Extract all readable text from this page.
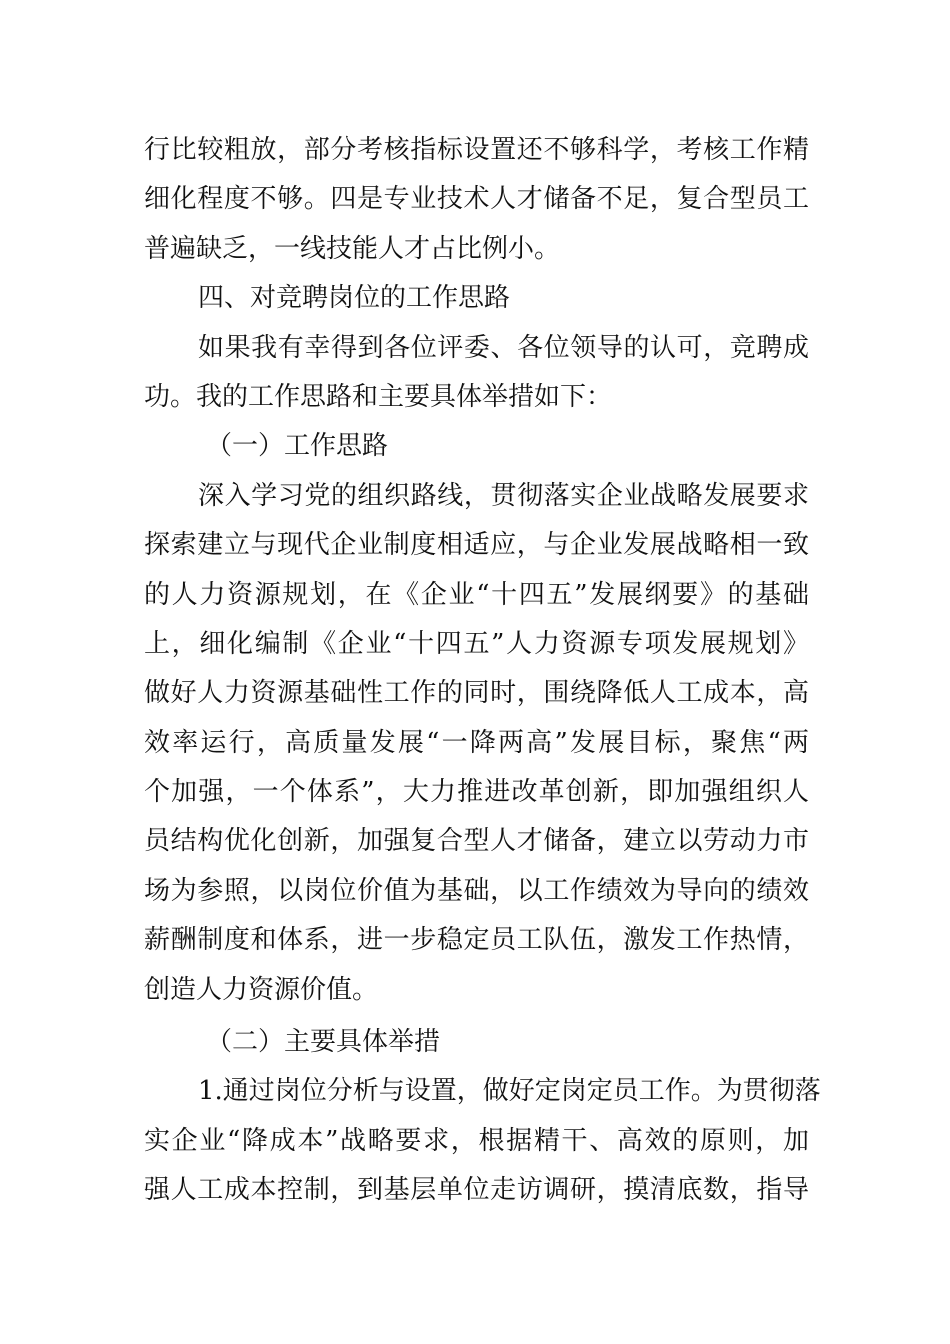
行比较粗放，部分考核指标设置还不够科学，考核工作精
细化程度不够。四是专业技术人才储备不足，复合型员工
普遍缺乏，一线技能人才占比例小。
四、对竞聘岗位的工作思路
如果我有幸得到各位评委、各位领导的认可，竞聘成
功。我的工作思路和主要具体举措如下：
（一）工作思路
深入学习党的组织路线，贯彻落实企业战略发展要求
探索建立与现代企业制度相适应，与企业发展战略相一致
的人力资源规划，在《企业“十四五”发展纲要》的基础
上，细化编制《企业“十四五”人力资源专项发展规划》
做好人力资源基础性工作的同时，围绕降低人工成本，高
效率运行，高质量发展“一降两高”发展目标，聚焦“两
个加强，一个体系”，大力推进改革创新，即加强组织人
员结构优化创新，加强复合型人才储备，建立以劳动力市
场为参照，以岗位价值为基础，以工作绩效为导向的绩效
薪酬制度和体系，进一步稳定员工队伍，激发工作热情，
创造人力资源价值。
（二）主要具体举措
1.通过岗位分析与设置，做好定岗定员工作。为贯彻落
实企业“降成本”战略要求，根据精干、高效的原则，加
强人工成本控制，到基层单位走访调研，摸清底数，指导
